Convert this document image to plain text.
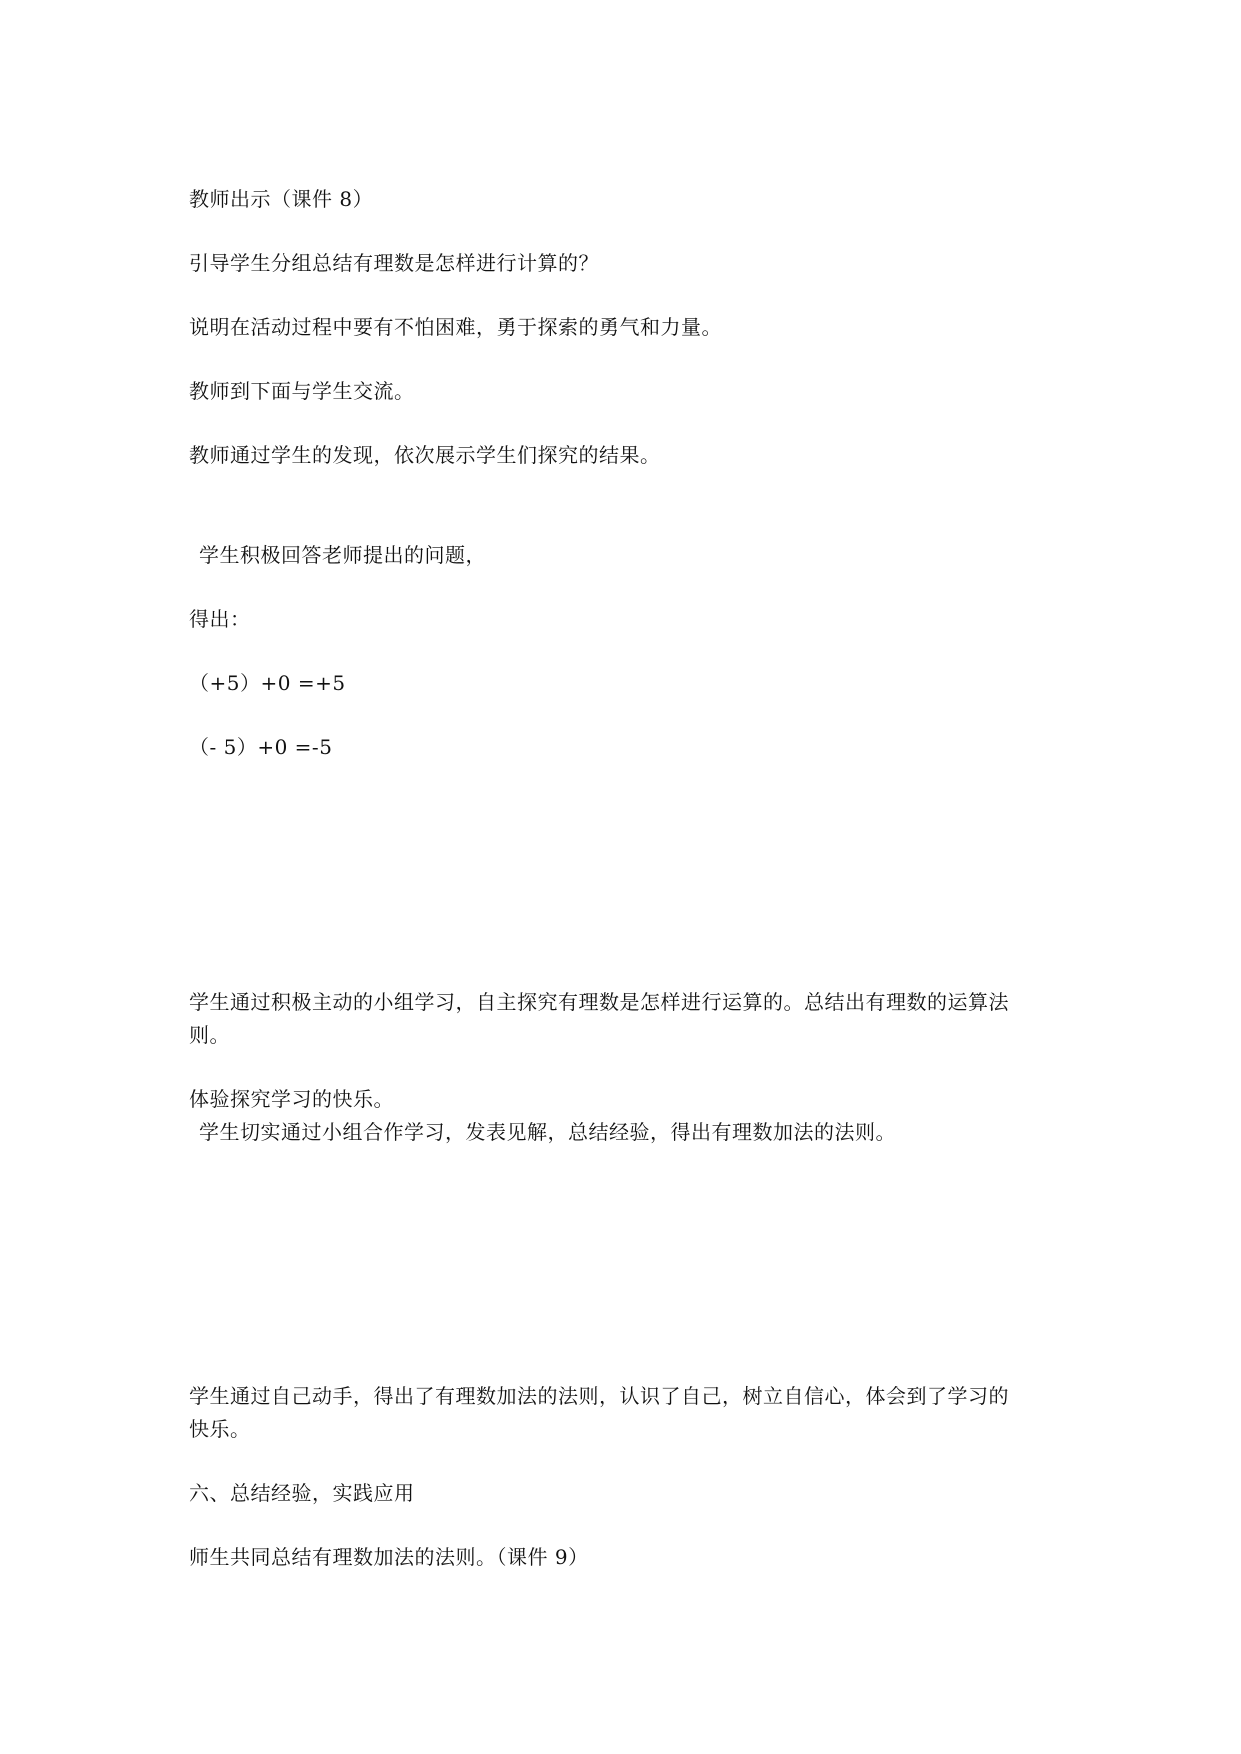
教师出示（课件 8）
引导学生分组总结有理数是怎样进行计算的？
说明在活动过程中要有不怕困难，勇于探索的勇气和力量。
教师到下面与学生交流。
教师通过学生的发现，依次展示学生们探究的结果。
学生积极回答老师提出的问题，
得出：
（+5）+0 =+5
（- 5）+0 =-5
学生通过积极主动的小组学习，自主探究有理数是怎样进行运算的。总结出有理数的运算法
则。
体验探究学习的快乐。
学生切实通过小组合作学习，发表见解，总结经验，得出有理数加法的法则。
学生通过自己动手，得出了有理数加法的法则，认识了自己，树立自信心，体会到了学习的
快乐。
六、总结经验，实践应用
师生共同总结有理数加法的法则。（课件 9）
